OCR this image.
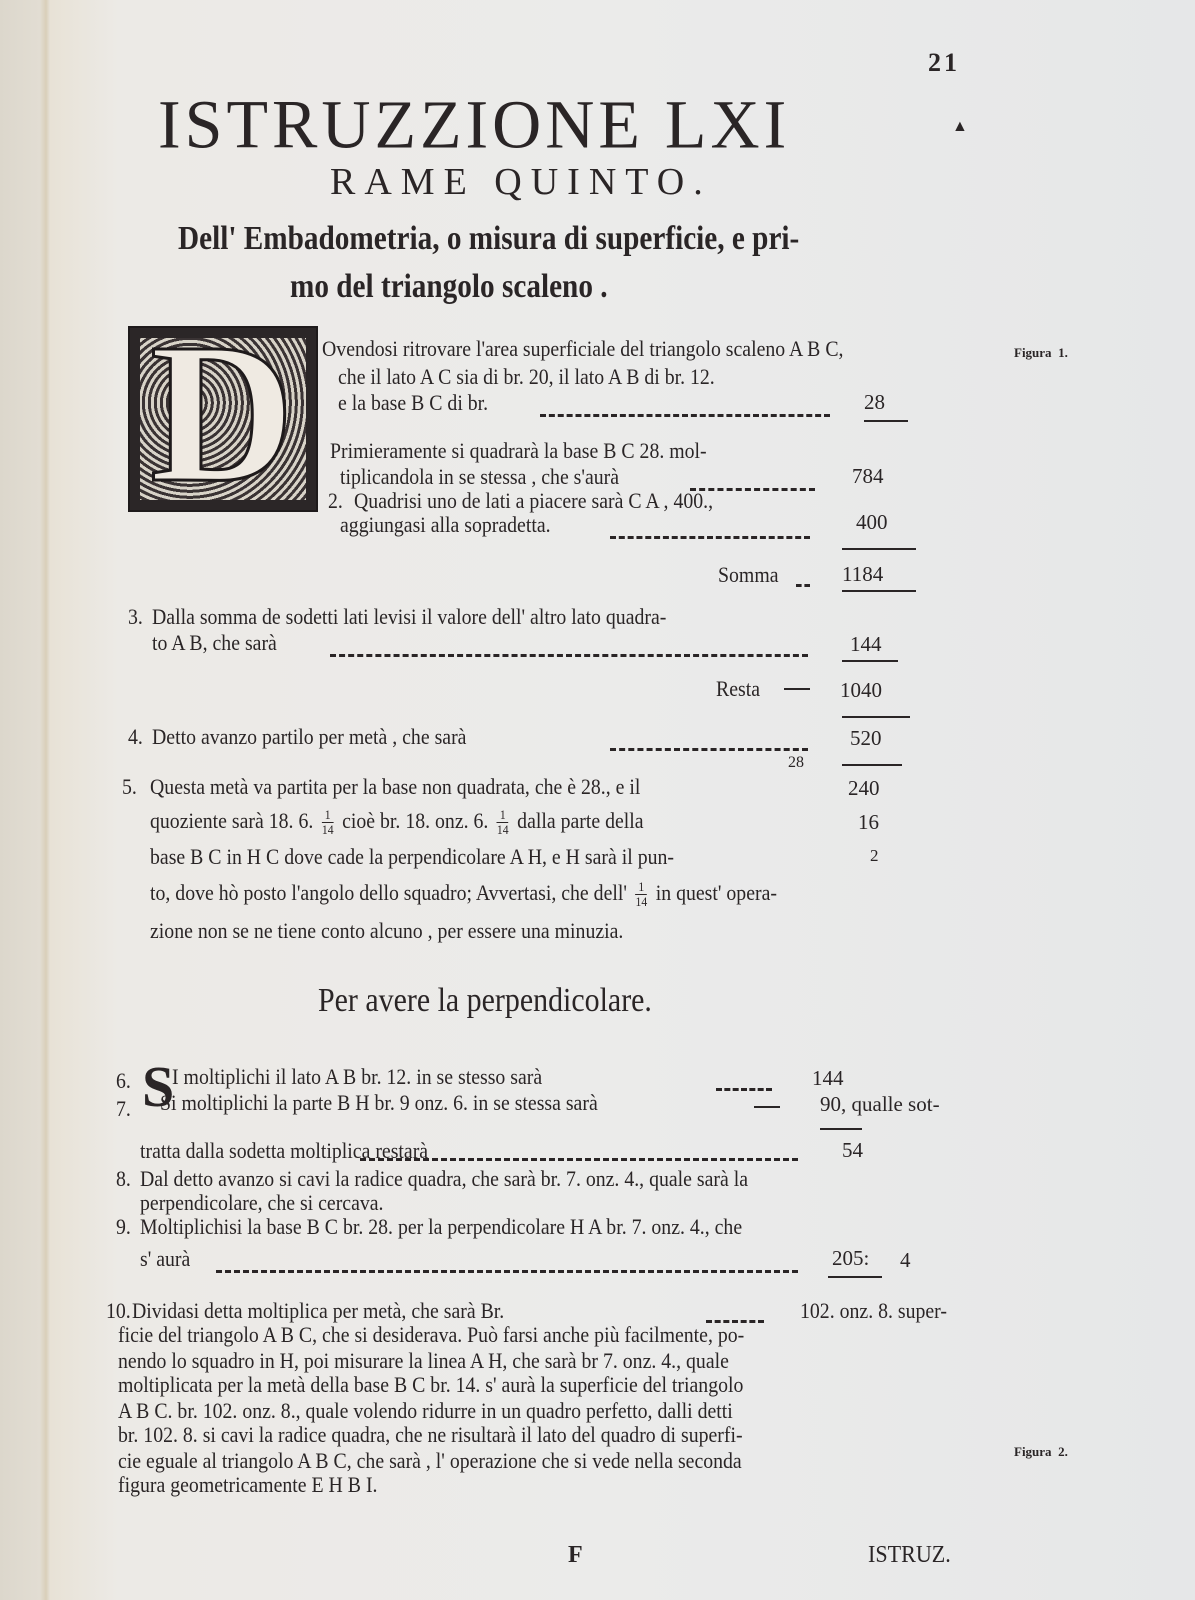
21
ISTRUZZIONE LXI	▲
RAME QUINTO.
Dell' Embadometria, o misura di superficie, e pri-
mo del triangolo scaleno .
D Ovendosi ritrovare l'area superficiale del triangolo scaleno A B C,	Figura 1.
che il lato A C sia di br. 20, il lato A B di br. 12.
e la base B C di br.	28
Primieramente si quadrarà la base B C 28. mol-
tiplicandola in se stessa , che s'aurà	784
2. Quadrisi uno de lati a piacere sarà C A , 400.,
aggiungasi alla sopradetta.	400
Somma	1184
3. Dalla somma de sodetti lati levisi il valore dell' altro lato quadra-
to A B, che sarà	144
Resta	1040
4. Detto avanzo partilo per metà , che sarà	520
28
5. Questa metà va partita per la base non quadrata, che è 28., e il	240
quoziente sarà 18. 6. $\frac{1}{14}$ cioè br. 18. onz. 6. $\frac{1}{14}$ dalla parte della	16
base B C in H C dove cade la perpendicolare A H, e H sarà il pun-	2
to, dove hò posto l'angolo dello squadro; Avvertasi, che dell' $\frac{1}{14}$ in quest' opera-
zione non se ne tiene conto alcuno , per essere una minuzia.
Per avere la perpendicolare.
S
6. I moltiplichi il lato A B br. 12. in se stesso sarà	144
7. Si moltiplichi la parte B H br. 9 onz. 6. in se stessa sarà	90, qualle sot-
tratta dalla sodetta moltiplica restarà	54
8. Dal detto avanzo si cavi la radice quadra, che sarà br. 7. onz. 4., quale sarà la
perpendicolare, che si cercava.
9. Moltiplichisi la base B C br. 28. per la perpendicolare H A br. 7. onz. 4., che
s' aurà	205: 4
10. Dividasi detta moltiplica per metà, che sarà Br.	102. onz. 8. super-
ficie del triangolo A B C, che si desiderava. Può farsi anche più facilmente, po-
nendo lo squadro in H, poi misurare la linea A H, che sarà br 7. onz. 4., quale
moltiplicata per la metà della base B C br. 14. s' aurà la superficie del triangolo
A B C. br. 102. onz. 8., quale volendo ridurre in un quadro perfetto, dalli detti
br. 102. 8. si cavi la radice quadra, che ne risultarà il lato del quadro di superfi-
cie eguale al triangolo A B C, che sarà , l' operazione che si vede nella seconda	Figura 2.
figura geometricamente E H B I.
F	ISTRUZ.
